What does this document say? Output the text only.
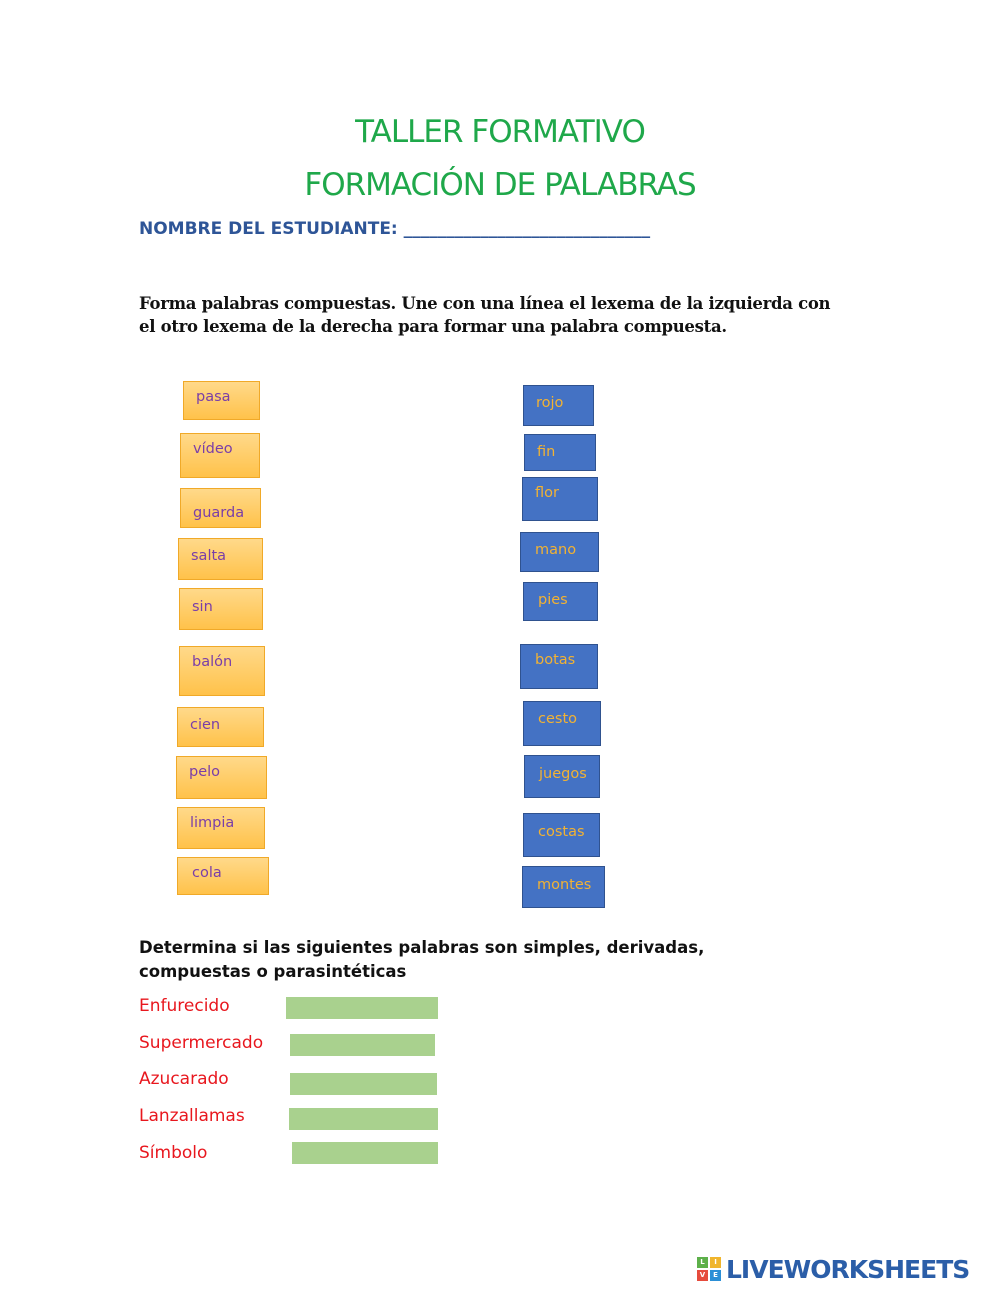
TALLER FORMATIVO
FORMACIÓN DE PALABRAS
NOMBRE DEL ESTUDIANTE: _____________________________
Forma palabras compuestas. Une con una línea el lexema de la izquierda con
el otro lexema de la derecha para formar una palabra compuesta.
pasa
vídeo
guarda
salta
sin
balón
cien
pelo
limpia
cola
rojo
fin
flor
mano
pies
botas
cesto
juegos
costas
montes
Determina si las siguientes palabras son simples, derivadas,
compuestas o parasintéticas
Enfurecido
Supermercado
Azucarado
Lanzallamas
Símbolo
L	I
V	E LIVEWORKSHEETS
